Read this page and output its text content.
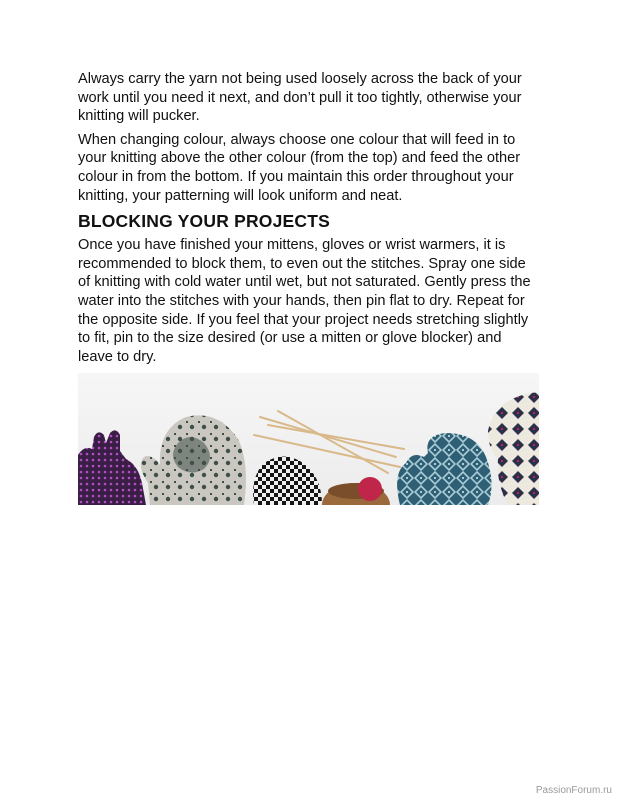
Always carry the yarn not being used loosely across the back of your work until you need it next, and don’t pull it too tightly, otherwise your knitting will pucker.

When changing colour, always choose one colour that will feed in to your knitting above the other colour (from the top) and feed the other colour in from the bottom. If you maintain this order throughout your knitting, your patterning will look uniform and neat.

BLOCKING YOUR PROJECTS

Once you have finished your mittens, gloves or wrist warmers, it is recommended to block them, to even out the stitches. Spray one side of knitting with cold water until wet, but not saturated. Gently press the water into the stitches with your hands, then pin flat to dry. Repeat for the opposite side. If you feel that your project needs stretching slightly to fit, pin to the size desired (or use a mitten or glove blocker) and leave to dry.

PassionForum.ru
